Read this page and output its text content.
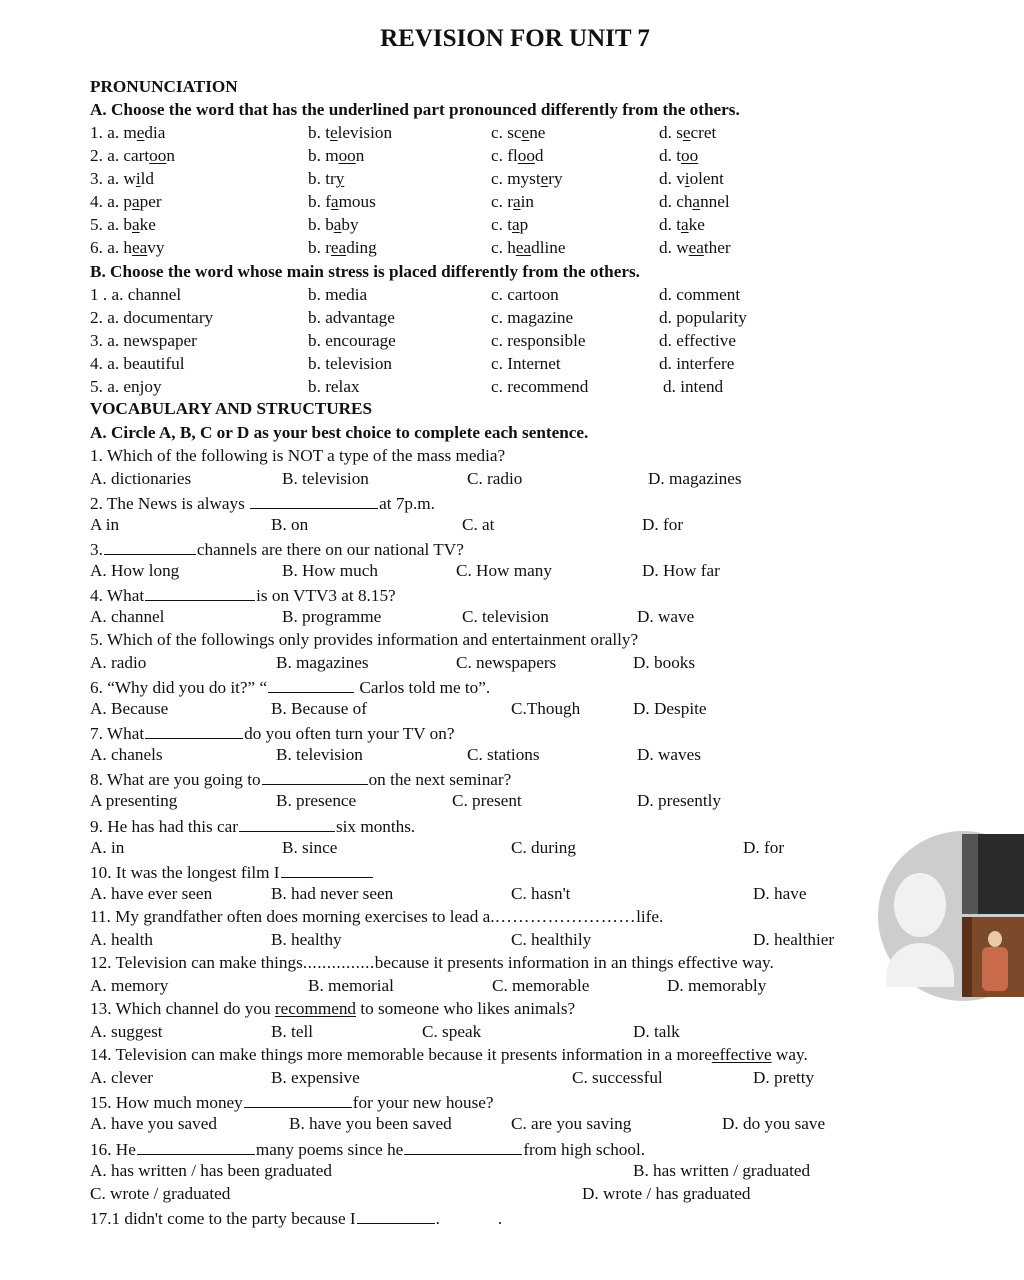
REVISION FOR UNIT 7
PRONUNCIATION
A. Choose the word that has the underlined part pronounced differently from the others.
1. a. media	b. television	c. scene	d. secret
2. a. cartoon	b. moon	c. flood	d. too
3. a. wild	b. try	c. mystery	d. violent
4. a. paper	b. famous	c. rain	d. channel
5. a. bake	b. baby	c. tap	d. take
6. a. heavy	b. reading	c. headline	d. weather
B. Choose the word whose main stress is placed differently from the others.
1 . a. channel	b. media	c. cartoon	d. comment
2. a. documentary	b. advantage	c. magazine	d. popularity
3. a. newspaper	b. encourage	c. responsible	d. effective
4. a. beautiful	b. television	c. Internet	d. interfere
5. a. enjoy	b. relax	c. recommend	d. intend
VOCABULARY AND STRUCTURES
A. Circle A, B, C or D as your best choice to complete each sentence.
1. Which of the following is NOT a type of the mass media?
2. The News is always	at 7p.m.
3.	channels are there on our national TV?
4. What	is on VTV3 at 8.15?
5. Which of the followings only provides information and entertainment orally?
6. “Why did you do it?” “	Carlos told me to”.
7. What	do you often turn your TV on?
8. What are you going to	on the next seminar?
9. He has had this car	six months.
10. It was the longest film I
11. My grandfather often does morning exercises to lead a.……………………life.
12. Television can make things...............because it presents information in an things effective way.
13. Which channel do you recommend to someone who likes animals?
14. Television can make things more memorable because it presents information in a moreeffective way.
15. How much money	for your new house?
16. He	many poems since he	from high school.
17.1 didn't come to the party because I	.	.
A. dictionaries	B. television	C. radio	D. magazines
A in	B. on	C. at	D. for
A. How long	B. How much	C. How many	D. How far
A. channel	B. programme	C. television	D. wave
A. radio	B. magazines	C. newspapers	D. books
A. Because	B. Because of	C.Though	D. Despite
A. chanels	B. television	C. stations	D. waves
A presenting	B. presence	C. present	D. presently
A. in	B. since	C. during	D. for
A. have ever seen	B. had never seen	C. hasn't	D. have
A. health	B. healthy	C. healthily	D. healthier
A. memory	B. memorial	C. memorable	D. memorably
A. suggest	B. tell	C. speak	D. talk
A. clever	B. expensive	C. successful	D. pretty
A. have you saved	B. have you been saved	C. are you saving	D. do you save
A. has written / has been graduated	B. has written / graduated
C. wrote / graduated	D. wrote / has graduated
